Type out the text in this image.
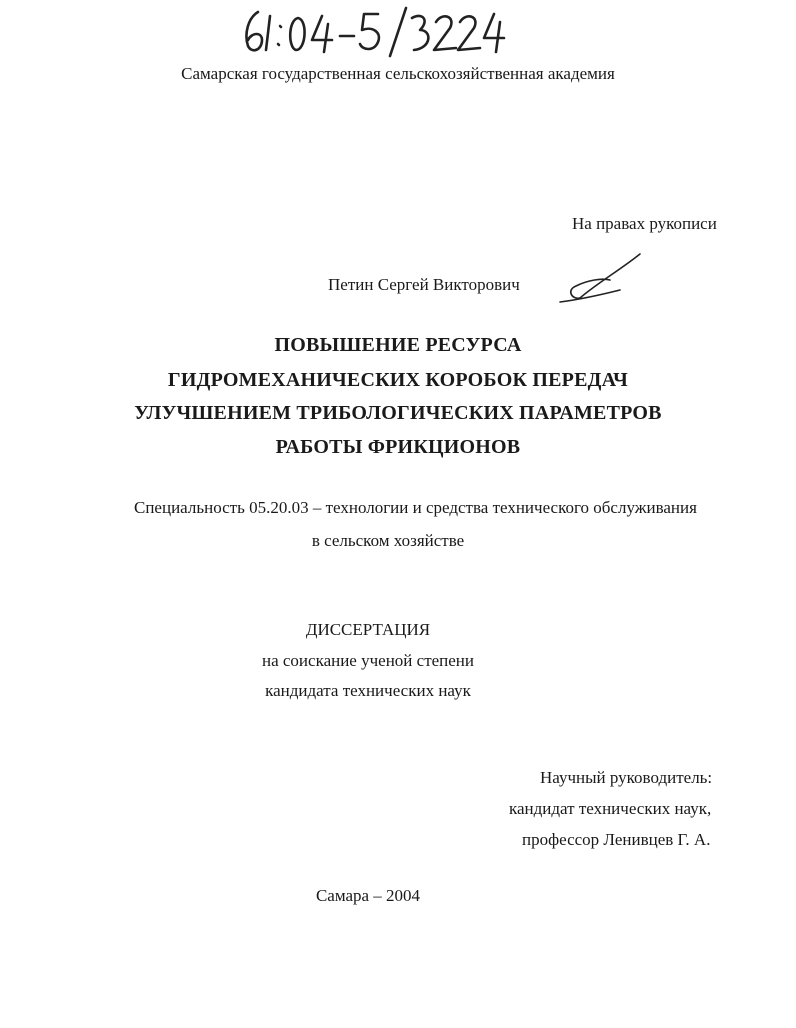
Самарская государственная сельскохозяйственная академия
На правах рукописи
Петин Сергей Викторович
ПОВЫШЕНИЕ РЕСУРСА
ГИДРОМЕХАНИЧЕСКИХ КОРОБОК ПЕРЕДАЧ
УЛУЧШЕНИЕМ ТРИБОЛОГИЧЕСКИХ ПАРАМЕТРОВ
РАБОТЫ ФРИКЦИОНОВ
Специальность 05.20.03 – технологии и средства технического обслуживания
в сельском хозяйстве
ДИССЕРТАЦИЯ
на соискание ученой степени
кандидата технических наук
Научный руководитель:
кандидат технических наук,
профессор Ленивцев Г. А.
Самара – 2004
